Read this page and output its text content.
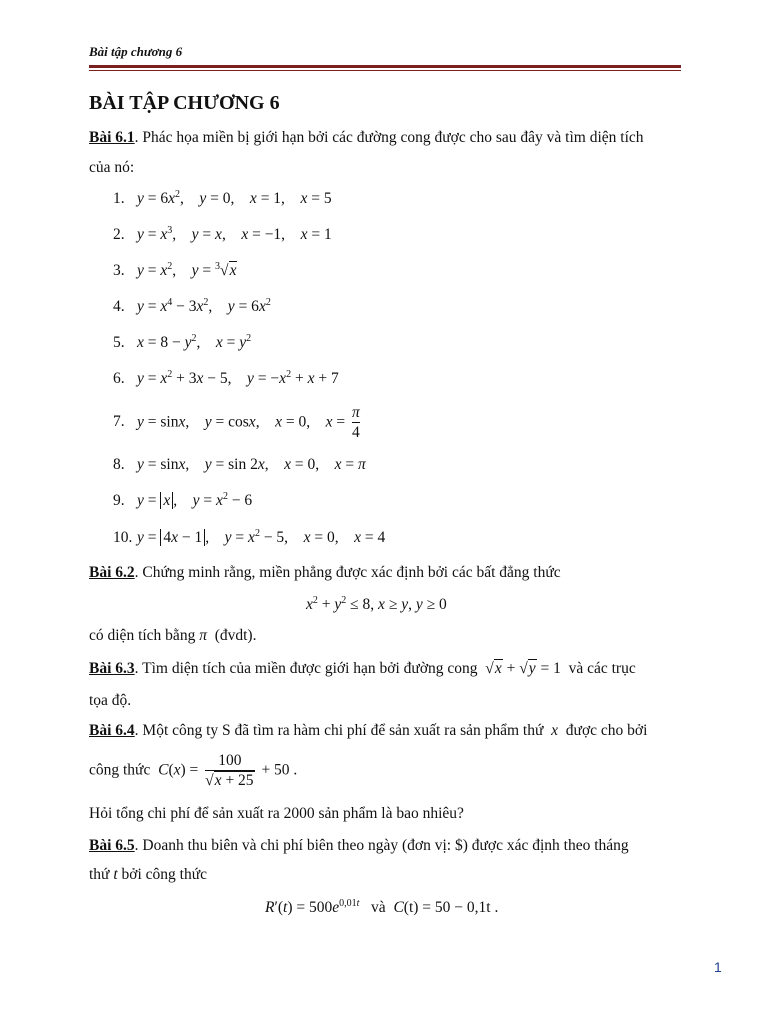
Bài tập chương 6
BÀI TẬP CHƯƠNG 6
Bài 6.1. Phác họa miền bị giới hạn bởi các đường cong được cho sau đây và tìm diện tích
của nó:
1. $y = 6x^2$,    y = 0,    x = 1,    x = 5
2. $y = x^3$,    y = x,    x = −1,    x = 1
3. $y = x^2$,    y = $^3$√x
4. $y = x^4 - 3x^2$,    $y = 6x^2$
5. $x = 8 - y^2$,    $x = y^2$
6. $y = x^2 + 3x - 5$,    $y = -x^2 + x + 7$
7. y = sinx,    y = cosx,    x = 0,    $x = \frac{\pi}{4}$
8. y = sinx,    y = sin 2x,    x = 0,    x = π
9. y = x ,    $y = x^2 - 6$
10. y = 4x − 1 ,    $y = x^2 - 5$,    x = 0,    x = 4
Bài 6.2. Chứng minh rằng, miền phẳng được xác định bởi các bất đẳng thức
$x^2 + y^2 \le 8$, x ≥ y, y ≥ 0
có diện tích bằng π (đvdt).
Bài 6.3. Tìm diện tích của miền được giới hạn bởi đường cong  √x + √y = 1  và các trục
tọa độ.
Bài 6.4. Một công ty S đã tìm ra hàm chi phí để sản xuất ra sản phẩm thứ x được cho bởi
công thức $C(x) = \frac{100}{√x + 25} + 50$ .
Hỏi tổng chi phí để sản xuất ra 2000 sản phẩm là bao nhiêu?
Bài 6.5. Doanh thu biên và chi phí biên theo ngày (đơn vị: $) được xác định theo tháng
thứ t bởi công thức
$R'(t) = 500e^{0,01t}$ và C(t) = 50 − 0,1t .
1
